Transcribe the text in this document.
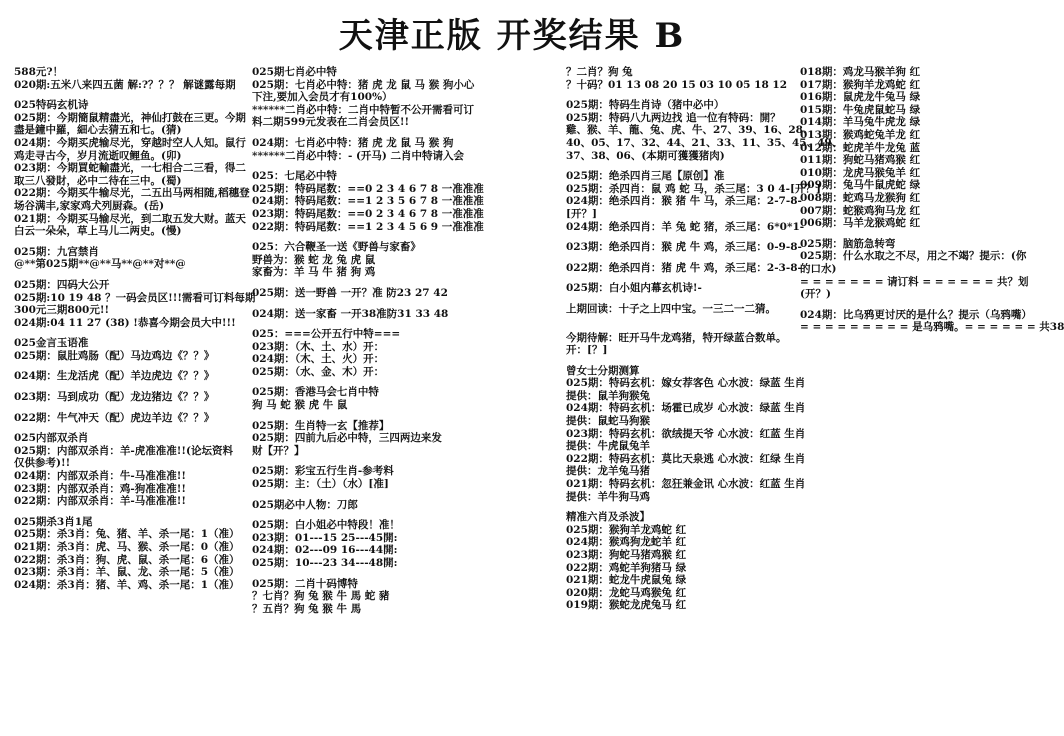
天津正版 开奖结果 B
588元?！
020期:五米八来四五菌 解:?？？？ 解谜露每期
025特码玄机诗
025期：今期簡鼠精盡光，神仙打鼓在三更。今期
盡是鐘中羅，細心去猜五和七。(猜)
024期：今期买虎输尽光，穿越时空人人知。鼠行
鸡走寻古今，岁月流逝叹鲤鱼。(卯)
023期：今期買蛇輸盡光，一七相合二三看，得二
取三八發財，必中二待在三中。(蜀)
022期：今期买牛输尽光，二五出马两相随,稻穗登
场谷满丰,家家鸡犬列厨森。(岳)
021期：今期买马输尽光，到二取五发大财。蓝天
白云一朵朵，草上马儿二两史。(慢)
025期：九宫禁肖
@**第025期**@**马**@**对**@
025期：四码大公开
025期:10 19 48 ？一码会员区!!!需看可订料每期
300元三期800元!!
024期:04 11 27 (38) !恭喜今期会员大中!!!
025金言玉语准
025期：鼠肚鸡肠（配）马边鸡边《？？》
024期：生龙活虎（配）羊边虎边《？？》
023期：马到成功（配）龙边猪边《？？》
022期：牛气冲天（配）虎边羊边《？？》
025内部双杀肖
025期：内部双杀肖：羊-虎准准准!!(论坛资料
仅供参考)!!
024期：内部双杀肖：牛-马准准准!!
023期：内部双杀肖：鸡-狗准准准!!
022期：内部双杀肖：羊-马准准准!!
025期杀3肖1尾
025期：杀3肖：兔、猪、羊、杀一尾：1（准）
021期：杀3肖：虎、马、猴、杀一尾：0（准）
022期：杀3肖：狗、虎、鼠、杀一尾：6（准）
023期：杀3肖：羊、鼠、龙、杀一尾：5（准）
024期：杀3肖：猪、羊、鸡、杀一尾：1（准）
025期七肖必中特
025期：七肖必中特：猪 虎 龙 鼠 马 猴 狗小心
下注,要加入会员才有100%）
******二肖必中特：二肖中特暂不公开需看可订
料二期599元发表在二肖会员区!!
024期：七肖必中特：猪 虎 龙 鼠 马 猴 狗
******二肖必中特：- (开马) 二肖中特请入会
025：七尾必中特
025期：特码尾数：==0 2 3 4 6 7 8 一准准准
024期：特码尾数：==1 2 3 5 6 7 8 一准准准
023期：特码尾数：==0 2 3 4 6 7 8 一准准准
022期：特码尾数：==1 2 3 4 5 6 9 一准准准
025：六合鞭圣一送《野兽与家畜》
野兽为：猴 蛇 龙 兔 虎 鼠
家畜为：羊 马 牛 猪 狗 鸡
025期：送一野兽 一开？准 防23 27 42
024期：送一家畜 一开38准防31 33 48
025：===公开五行中特===
023期：（木、土、水）开：
024期：（木、土、火）开：
025期：（水、金、木）开：
025期：香港马会七肖中特
狗 马 蛇 猴 虎 牛 鼠
025期：生肖特一玄【推荐】
025期：四前九后必中特，三四两边来发
财【开？】
025期：彩宝五行生肖-参考料
025期：主：（土）（水）[准]
025期必中人物：刀郎
025期：白小姐必中特段！准！
023期：01---15 25---45開:
024期：02---09 16---44開:
025期：10---23 34---48開:
025期：二肖十码博特
？七肖？狗 兔 猴 牛 馬 蛇 豬
？五肖？狗 兔 猴 牛 馬
？二肖？狗 兔
？十码？01 13 08 20 15 03 10 05 18 12
025期：特码生肖诗（猪中必中）
025期：特码八九两边找 追一位有特码：開？
雞、猴、羊、龍、兔、虎、牛、27、39、16、28、
40、05、17、32、44、21、33、11、35、45、49、
37、38、06、(本期可獲獲猪肉)
025期：绝杀四肖三尾【原创】准
025期：杀四肖：鼠 鸡 蛇 马，杀三尾：3 0 4-[开？]
024期：绝杀四肖：猴 猪 牛 马，杀三尾：2-7-8-
[开？]
024期：绝杀四肖：羊 兔 蛇 猪，杀三尾：6*0*1-
023期：绝杀四肖：猴 虎 牛 鸡，杀三尾：0-9-8-
022期：绝杀四肖：猪 虎 牛 鸡，杀三尾：2-3-8-
025期：白小姐内幕玄机诗!-
上期回读：十子之上四中宝。一三二一二猜。
今期待解：旺开马牛龙鸡猪，特开绿蓝合数单。
开：[？]
曾女士分期测算
025期：特码玄机：嫁女荐客色 心水波：绿蓝 生肖
提供：鼠羊狗猴兔
024期：特码玄机：场霍已成岁 心水波：绿蓝 生肖
提供：鼠蛇马狗猴
023期：特码玄机：欲绒提天爷 心水波：红蓝 生肖
提供：牛虎鼠兔羊
022期：特码玄机：莫比天泉逃 心水波：红绿 生肖
提供：龙羊兔马猪
021期：特码玄机：忽狂兼金讯 心水波：红蓝 生肖
提供：羊牛狗马鸡
精准六肖及杀波】
025期：猴狗羊龙鸡蛇 红
024期：猴鸡狗龙蛇羊 红
023期：狗蛇马猪鸡猴 红
022期：鸡蛇羊狗猪马 绿
021期：蛇龙牛虎鼠兔 绿
020期：龙蛇马鸡猴兔 红
019期：猴蛇龙虎兔马 红
018期：鸡龙马猴羊狗 红
017期：猴狗羊龙鸡蛇 红
016期：鼠虎龙牛兔马 绿
015期：牛兔虎鼠蛇马 绿
014期：羊马兔牛虎龙 绿
013期：猴鸡蛇兔羊龙 红
012期：蛇虎羊牛龙兔 蓝
011期：狗蛇马猪鸡猴 红
010期：龙虎马猴兔羊 红
009期：兔马牛鼠虎蛇 绿
008期：蛇鸡马龙猴狗 红
007期：蛇猴鸡狗马龙 红
006期：马羊龙猴鸡蛇 红
025期：脑筋急转弯
025期：什么水取之不尽，用之不竭？提示：(你
的口水)
= = = = = = = 请订料 = = = = = = 共？划
(开？)
024期：比乌鸦更讨厌的是什么？提示（乌鸦嘴）
= = = = = = = = = 是乌鸦嘴。= = = = = = 共38
